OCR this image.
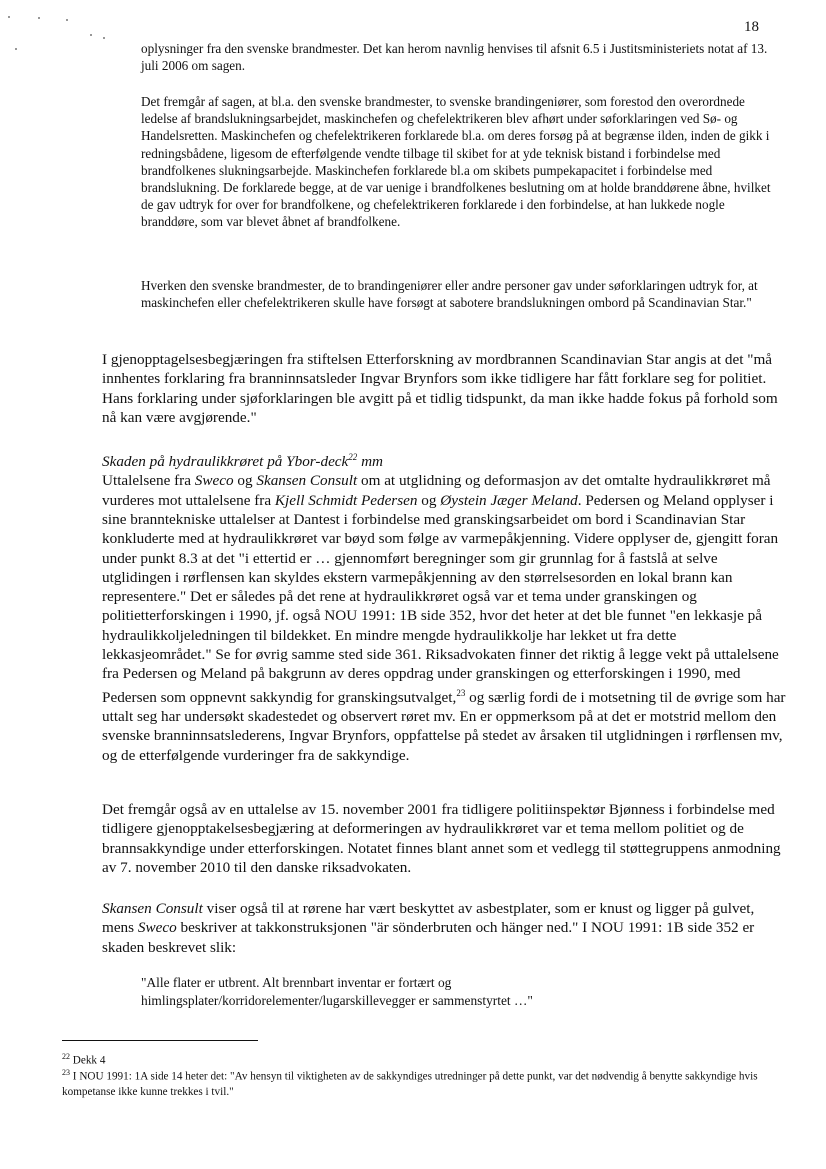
18

oplysninger fra den svenske brandmester. Det kan herom navnlig henvises til afsnit 6.5 i Justitsministeriets notat af 13. juli 2006 om sagen.

Det fremgår af sagen, at bl.a. den svenske brandmester, to svenske brandingeniører, som forestod den overordnede ledelse af brandslukningsarbejdet, maskinchefen og chefelektrikeren blev afhørt under søforklaringen ved Sø- og Handelsretten. Maskinchefen og chefelektrikeren forklarede bl.a. om deres forsøg på at begrænse ilden, inden de gikk i redningsbådene, ligesom de efterfølgende vendte tilbage til skibet for at yde teknisk bistand i forbindelse med brandfolkenes slukningsarbejde. Maskinchefen forklarede bl.a om skibets pumpekapacitet i forbindelse med brandslukning. De forklarede begge, at de var uenige i brandfolkenes beslutning om at holde branddørene åbne, hvilket de gav udtryk for over for brandfolkene, og chefelektrikeren forklarede i den forbindelse, at han lukkede nogle branddøre, som var blevet åbnet af brandfolkene.

Hverken den svenske brandmester, de to brandingeniører eller andre personer gav under søforklaringen udtryk for, at maskinchefen eller chefelektrikeren skulle have forsøgt at sabotere brandslukningen ombord på Scandinavian Star."

I gjenopptagelsesbegjæringen fra stiftelsen Etterforskning av mordbrannen Scandinavian Star angis at det "må innhentes forklaring fra branninnsatsleder Ingvar Brynfors som ikke tidligere har fått forklare seg for politiet. Hans forklaring under sjøforklaringen ble avgitt på et tidlig tidspunkt, da man ikke hadde fokus på forhold som nå kan være avgjørende."

Skaden på hydraulikkrøret på Ybor-deck$^{22}$ mm
Uttalelsene fra Sweco og Skansen Consult om at utglidning og deformasjon av det omtalte hydraulikkrøret må vurderes mot uttalelsene fra Kjell Schmidt Pedersen og Øystein Jæger Meland. Pedersen og Meland opplyser i sine branntekniske uttalelser at Dantest i forbindelse med granskingsarbeidet om bord i Scandinavian Star konkluderte med at hydraulikkrøret var bøyd som følge av varmepåkjenning. Videre opplyser de, gjengitt foran under punkt 8.3 at det "i ettertid er … gjennomført beregninger som gir grunnlag for å fastslå at selve utglidingen i rørflensen kan skyldes ekstern varmepåkjenning av den størrelsesorden en lokal brann kan representere." Det er således på det rene at hydraulikkrøret også var et tema under granskingen og politietterforskingen i 1990, jf. også NOU 1991: 1B side 352, hvor det heter at det ble funnet "en lekkasje på hydraulikkoljeledningen til bildekket. En mindre mengde hydraulikkolje har lekket ut fra dette lekkasjeområdet." Se for øvrig samme sted side 361. Riksadvokaten finner det riktig å legge vekt på uttalelsene fra Pedersen og Meland på bakgrunn av deres oppdrag under granskingen og etterforskingen i 1990, med Pedersen som oppnevnt sakkyndig for granskingsutvalget,$^{23}$ og særlig fordi de i motsetning til de øvrige som har uttalt seg har undersøkt skadestedet og observert røret mv. En er oppmerksom på at det er motstrid mellom den svenske branninnsatslederens, Ingvar Brynfors, oppfattelse på stedet av årsaken til utglidningen i rørflensen mv, og de etterfølgende vurderinger fra de sakkyndige.

Det fremgår også av en uttalelse av 15. november 2001 fra tidligere politiinspektør Bjønness i forbindelse med tidligere gjenopptakelsesbegjæring at deformeringen av hydraulikkrøret var et tema mellom politiet og de brannsakkyndige under etterforskingen. Notatet finnes blant annet som et vedlegg til støttegruppens anmodning av 7. november 2010 til den danske riksadvokaten.

Skansen Consult viser også til at rørene har vært beskyttet av asbestplater, som er knust og ligger på gulvet, mens Sweco beskriver at takkonstruksjonen "är sönderbruten och hänger ned." I NOU 1991: 1B side 352 er skaden beskrevet slik:

"Alle flater er utbrent. Alt brennbart inventar er fortært og himlingsplater/korridorelementer/lugarskillevegger er sammenstyrtet …"

$^{22}$ Dekk 4

$^{23}$ I NOU 1991: 1A side 14 heter det: "Av hensyn til viktigheten av de sakkyndiges utredninger på dette punkt, var det nødvendig å benytte sakkyndige hvis kompetanse ikke kunne trekkes i tvil."
